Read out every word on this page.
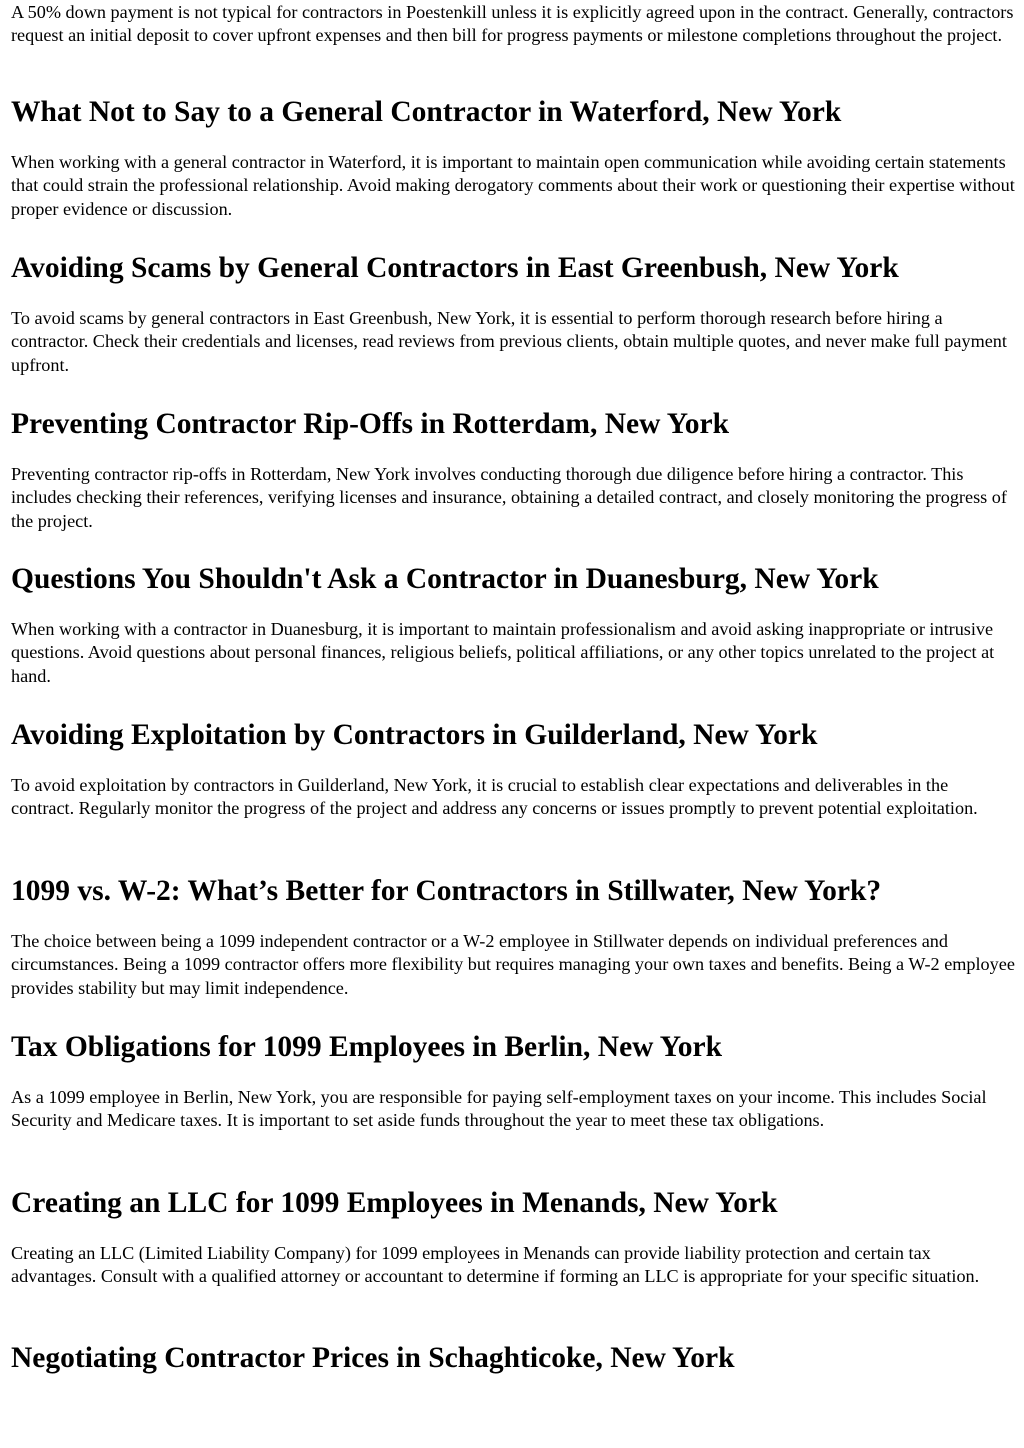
A 50% down payment is not typical for contractors in Poestenkill unless it is explicitly agreed upon in the contract. Generally, contractors request an initial deposit to cover upfront expenses and then bill for progress payments or milestone completions throughout the project.

What Not to Say to a General Contractor in Waterford, New York

When working with a general contractor in Waterford, it is important to maintain open communication while avoiding certain statements that could strain the professional relationship. Avoid making derogatory comments about their work or questioning their expertise without proper evidence or discussion.

Avoiding Scams by General Contractors in East Greenbush, New York

To avoid scams by general contractors in East Greenbush, New York, it is essential to perform thorough research before hiring a contractor. Check their credentials and licenses, read reviews from previous clients, obtain multiple quotes, and never make full payment upfront.

Preventing Contractor Rip-Offs in Rotterdam, New York

Preventing contractor rip-offs in Rotterdam, New York involves conducting thorough due diligence before hiring a contractor. This includes checking their references, verifying licenses and insurance, obtaining a detailed contract, and closely monitoring the progress of the project.

Questions You Shouldn't Ask a Contractor in Duanesburg, New York

When working with a contractor in Duanesburg, it is important to maintain professionalism and avoid asking inappropriate or intrusive questions. Avoid questions about personal finances, religious beliefs, political affiliations, or any other topics unrelated to the project at hand.

Avoiding Exploitation by Contractors in Guilderland, New York

To avoid exploitation by contractors in Guilderland, New York, it is crucial to establish clear expectations and deliverables in the contract. Regularly monitor the progress of the project and address any concerns or issues promptly to prevent potential exploitation.

1099 vs. W-2: What’s Better for Contractors in Stillwater, New York?

The choice between being a 1099 independent contractor or a W-2 employee in Stillwater depends on individual preferences and circumstances. Being a 1099 contractor offers more flexibility but requires managing your own taxes and benefits. Being a W-2 employee provides stability but may limit independence.

Tax Obligations for 1099 Employees in Berlin, New York

As a 1099 employee in Berlin, New York, you are responsible for paying self-employment taxes on your income. This includes Social Security and Medicare taxes. It is important to set aside funds throughout the year to meet these tax obligations.

Creating an LLC for 1099 Employees in Menands, New York

Creating an LLC (Limited Liability Company) for 1099 employees in Menands can provide liability protection and certain tax advantages. Consult with a qualified attorney or accountant to determine if forming an LLC is appropriate for your specific situation.

Negotiating Contractor Prices in Schaghticoke, New York
